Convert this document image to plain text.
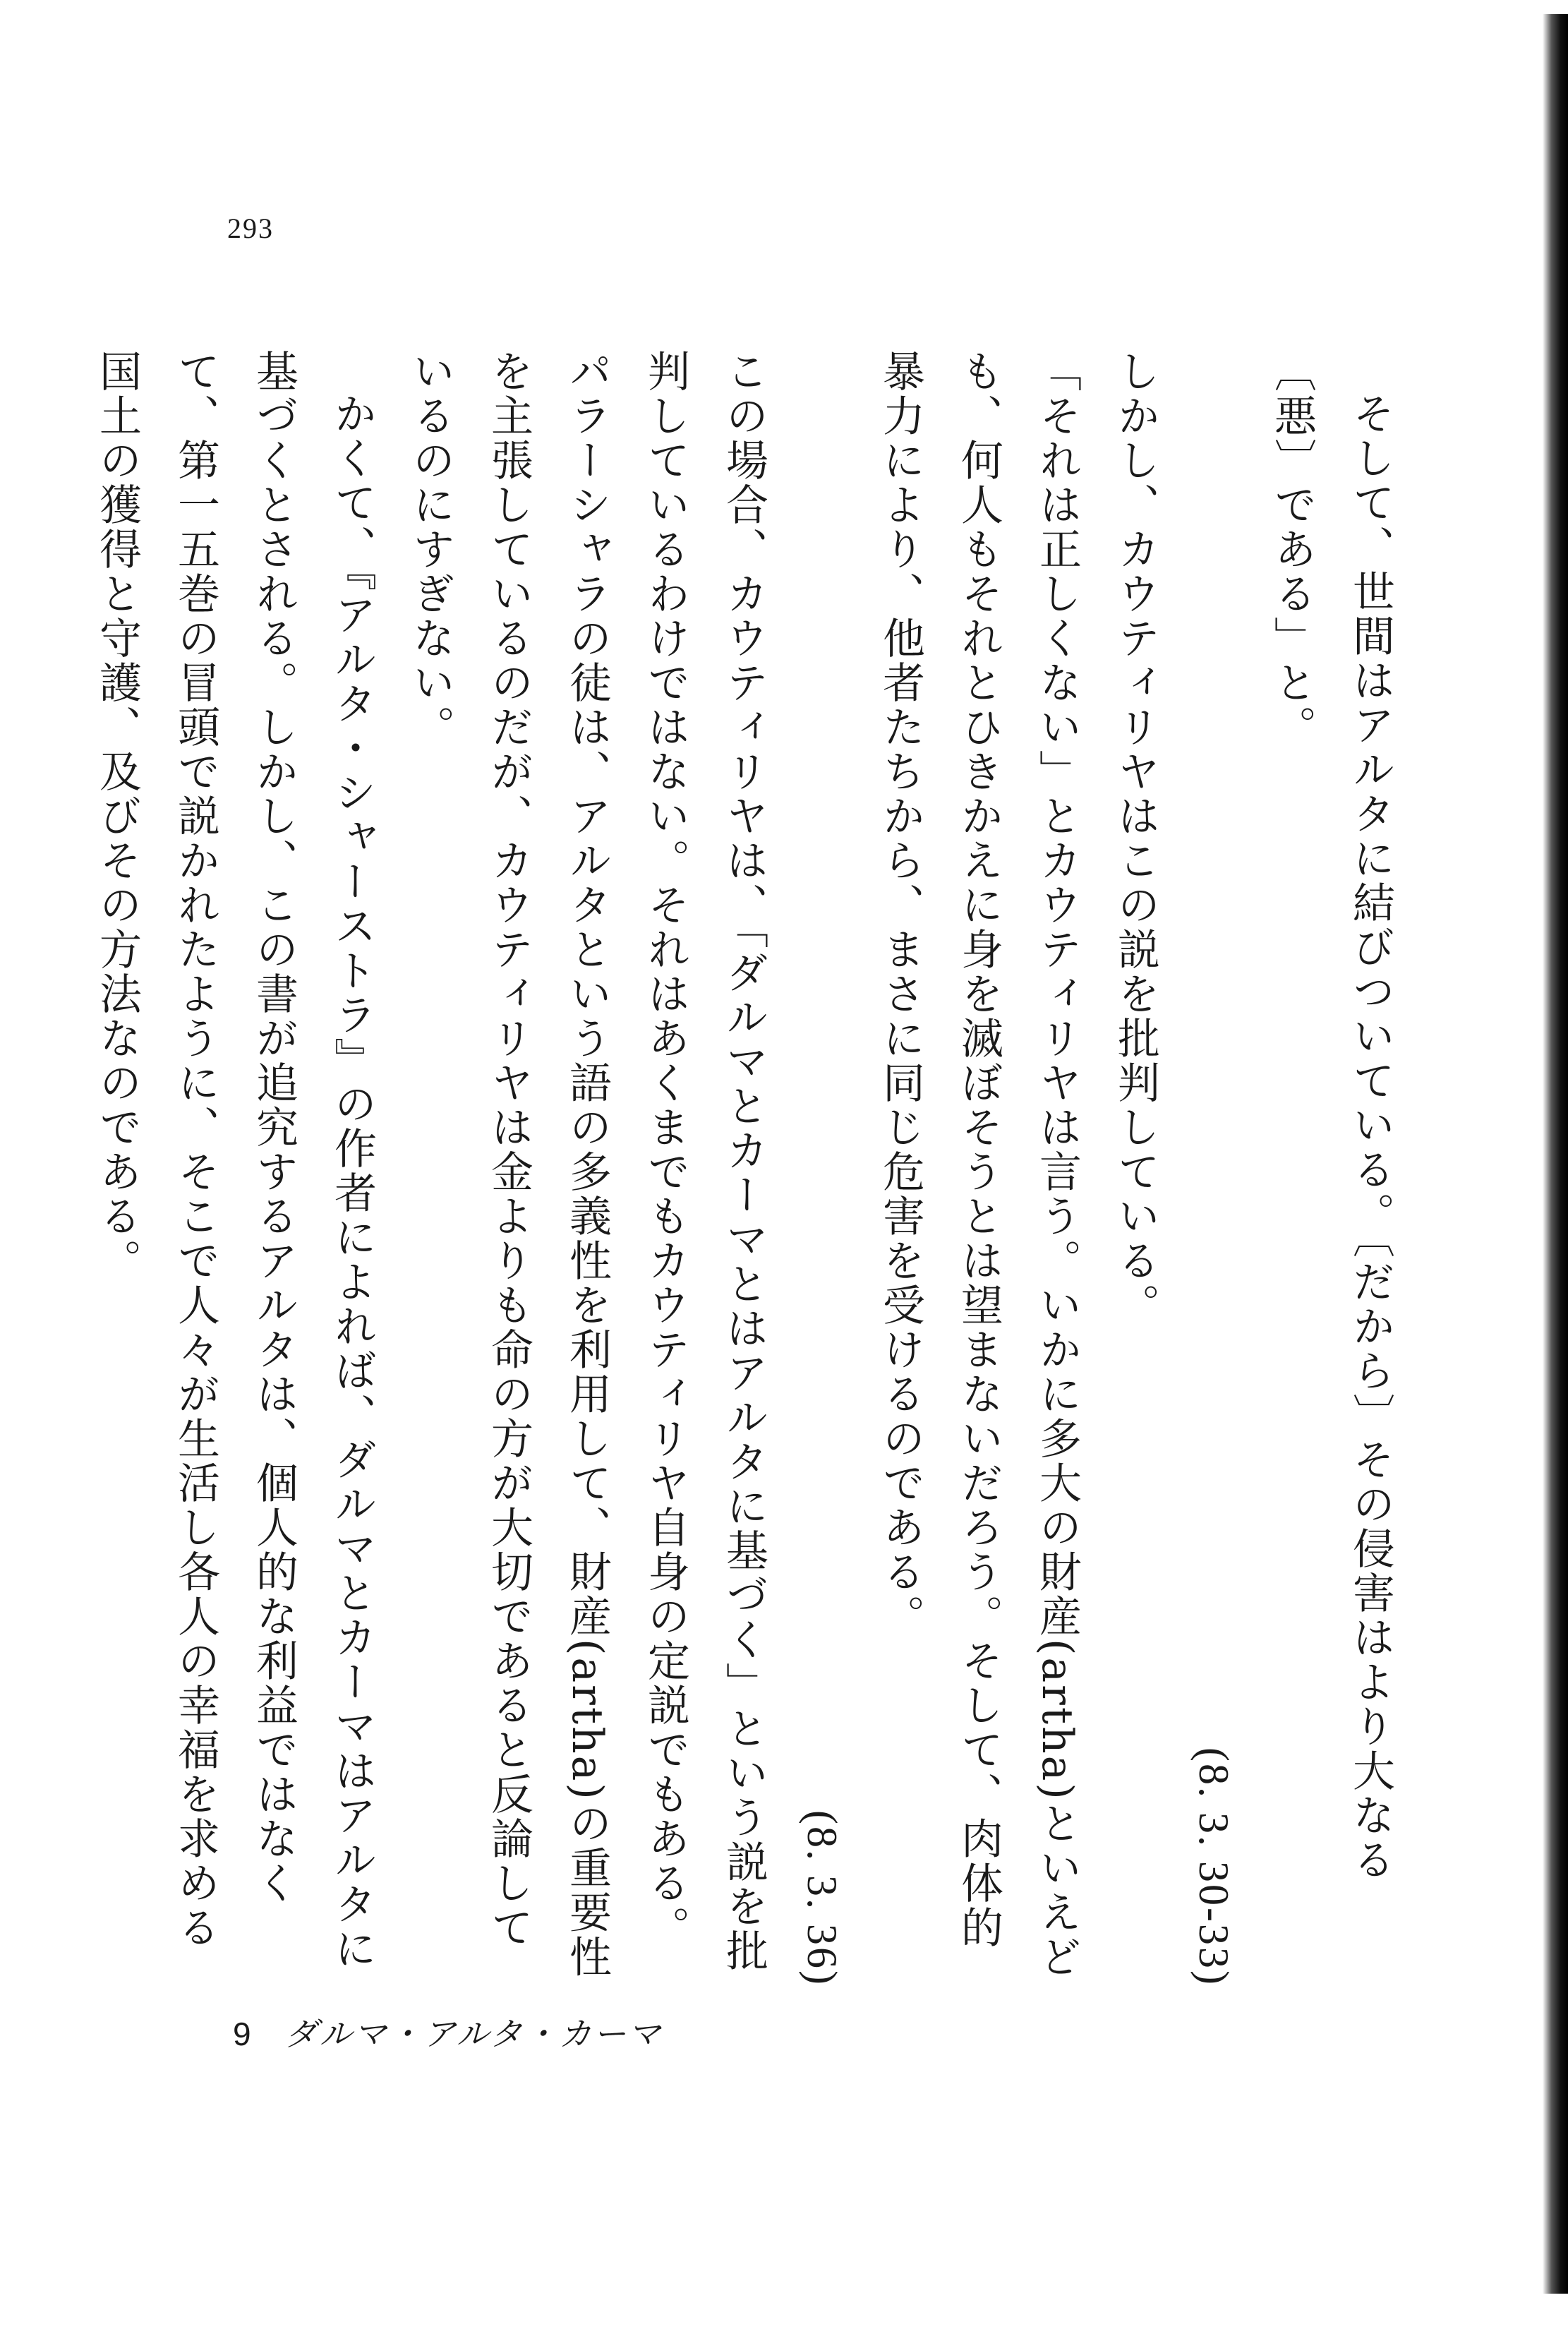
293

そして、世間はアルタに結びついている。〔だから〕その侵害はより大なる〔悪〕である」と。

(8. 3. 30-33)

しかし、カウティリヤはこの説を批判している。

「それは正しくない」とカウティリヤは言う。いかに多大の財産(artha)といえども、何人もそれとひきかえに身を滅ぼそうとは望まないだろう。そして、肉体的暴力により、他者たちから、まさに同じ危害を受けるのである。

(8. 3. 36)

この場合、カウティリヤは、「ダルマとカーマとはアルタに基づく」という説を批判しているわけではない。それはあくまでもカウティリヤ自身の定説でもある。パラーシャラの徒は、アルタという語の多義性を利用して、財産(artha)の重要性を主張しているのだが、カウティリヤは金よりも命の方が大切であると反論しているのにすぎない。

かくて、『アルタ・シャーストラ』の作者によれば、ダルマとカーマはアルタに基づくとされる。しかし、この書が追究するアルタは、個人的な利益ではなくて、第一五巻の冒頭で説かれたように、そこで人々が生活し各人の幸福を求める国土の獲得と守護、及びその方法なのである。

9 ダルマ・アルタ・カーマ
